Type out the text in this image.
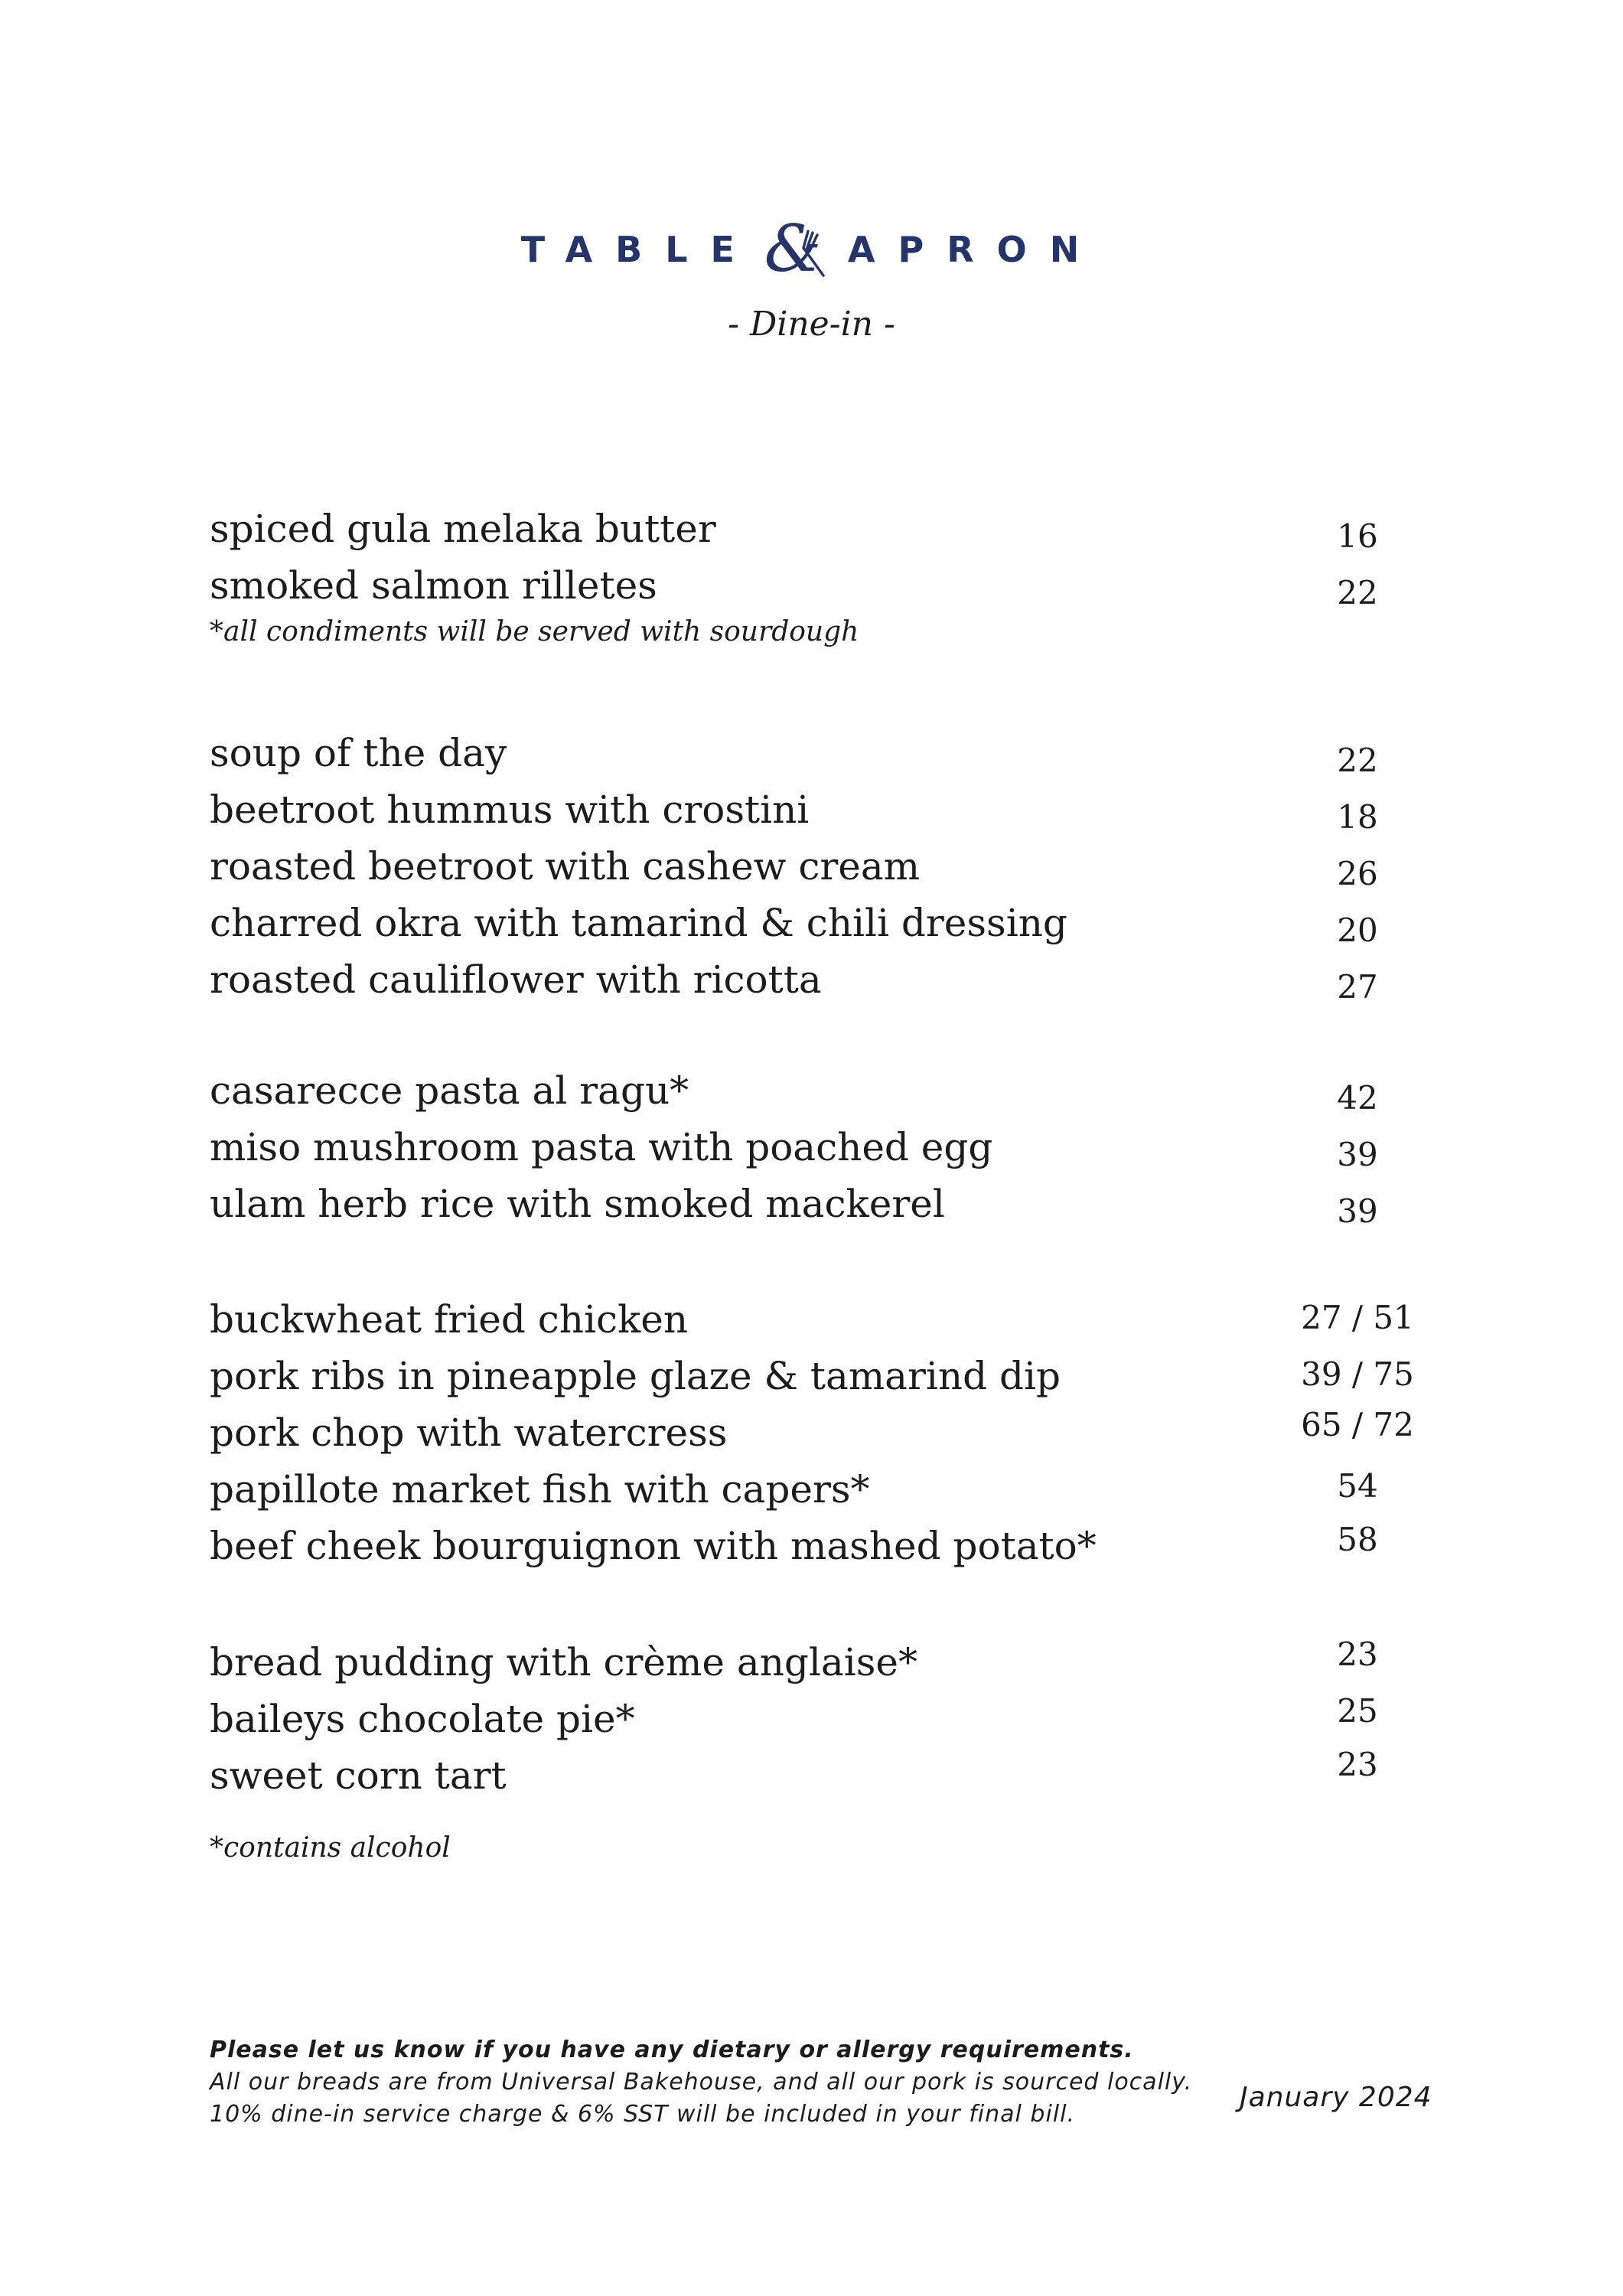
TABLE & APRON
- Dine-in -
spiced gula melaka butter	16
smoked salmon rilletes	22
*all condiments will be served with sourdough
soup of the day	22
beetroot hummus with crostini	18
roasted beetroot with cashew cream	26
charred okra with tamarind & chili dressing	20
roasted cauliflower with ricotta	27
casarecce pasta al ragu*	42
miso mushroom pasta with poached egg	39
ulam herb rice with smoked mackerel	39
buckwheat fried chicken	27 / 51
pork ribs in pineapple glaze & tamarind dip	39 / 75
pork chop with watercress	65 / 72
papillote market fish with capers*	54
beef cheek bourguignon with mashed potato*	58
bread pudding with crème anglaise*	23
baileys chocolate pie*	25
sweet corn tart	23
*contains alcohol
Please let us know if you have any dietary or allergy requirements.
All our breads are from Universal Bakehouse, and all our pork is sourced locally.
10% dine-in service charge & 6% SST will be included in your final bill.
January 2024
